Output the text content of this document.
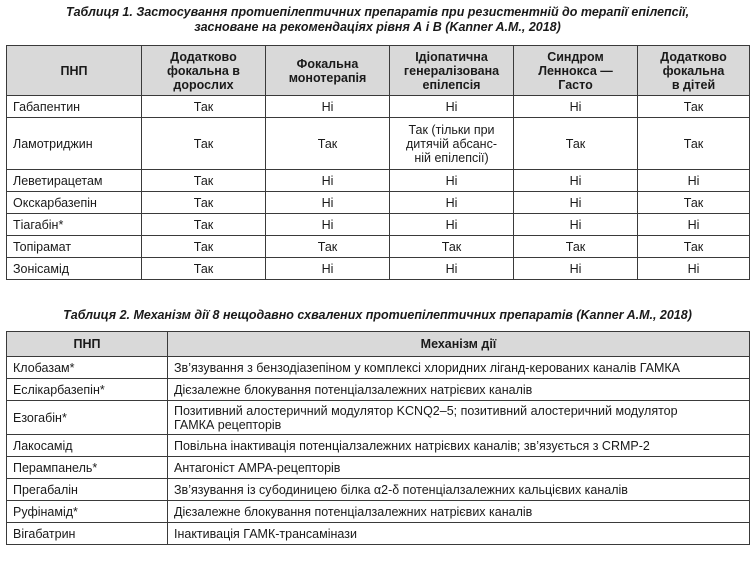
Таблиця 1. Застосування протиепілептичних препаратів при резистентній до терапії епілепсії,
засноване на рекомендаціях рівня А і В (Kanner A.M., 2018)
ПНП	Додатково
фокальна в
дорослих	Фокальна
монотерапія	Ідіопатична
генералізована
епілепсія	Синдром
Леннокса —
Гасто	Додатково
фокальна
в дітей
Габапентин	Так	Ні	Ні	Ні	Так
Ламотриджин	Так	Так	Так (тільки при
дитячій абсанс-
ній епілепсії)	Так	Так
Леветирацетам	Так	Ні	Ні	Ні	Ні
Окскарбазепін	Так	Ні	Ні	Ні	Так
Тіагабін*	Так	Ні	Ні	Ні	Ні
Топірамат	Так	Так	Так	Так	Так
Зонісамід	Так	Ні	Ні	Ні	Ні
Таблиця 2. Механізм дії 8 нещодавно схвалених протиепілептичних препаратів (Kanner A.M., 2018)
ПНП	Механізм дії
Клобазам*	Зв’язування з бензодіазепіном у комплексі хлоридних ліганд-керованих каналів ГАМКА
Еслікарбазепін*	Дієзалежне блокування потенціалзалежних натрієвих каналів
Езогабін*	Позитивний алостеричний модулятор KCNQ2–5; позитивний алостеричний модулятор
ГАМКА рецепторів
Лакосамід	Повільна інактивація потенціалзалежних натрієвих каналів; зв’язується з CRMP-2
Перампанель*	Антагоніст АМРА-рецепторів
Прегабалін	Зв’язування із субодиницею білка α2-δ потенціалзалежних кальцієвих каналів
Руфінамід*	Дієзалежне блокування потенціалзалежних натрієвих каналів
Вігабатрин	Інактивація ГАМК-трансамінази
